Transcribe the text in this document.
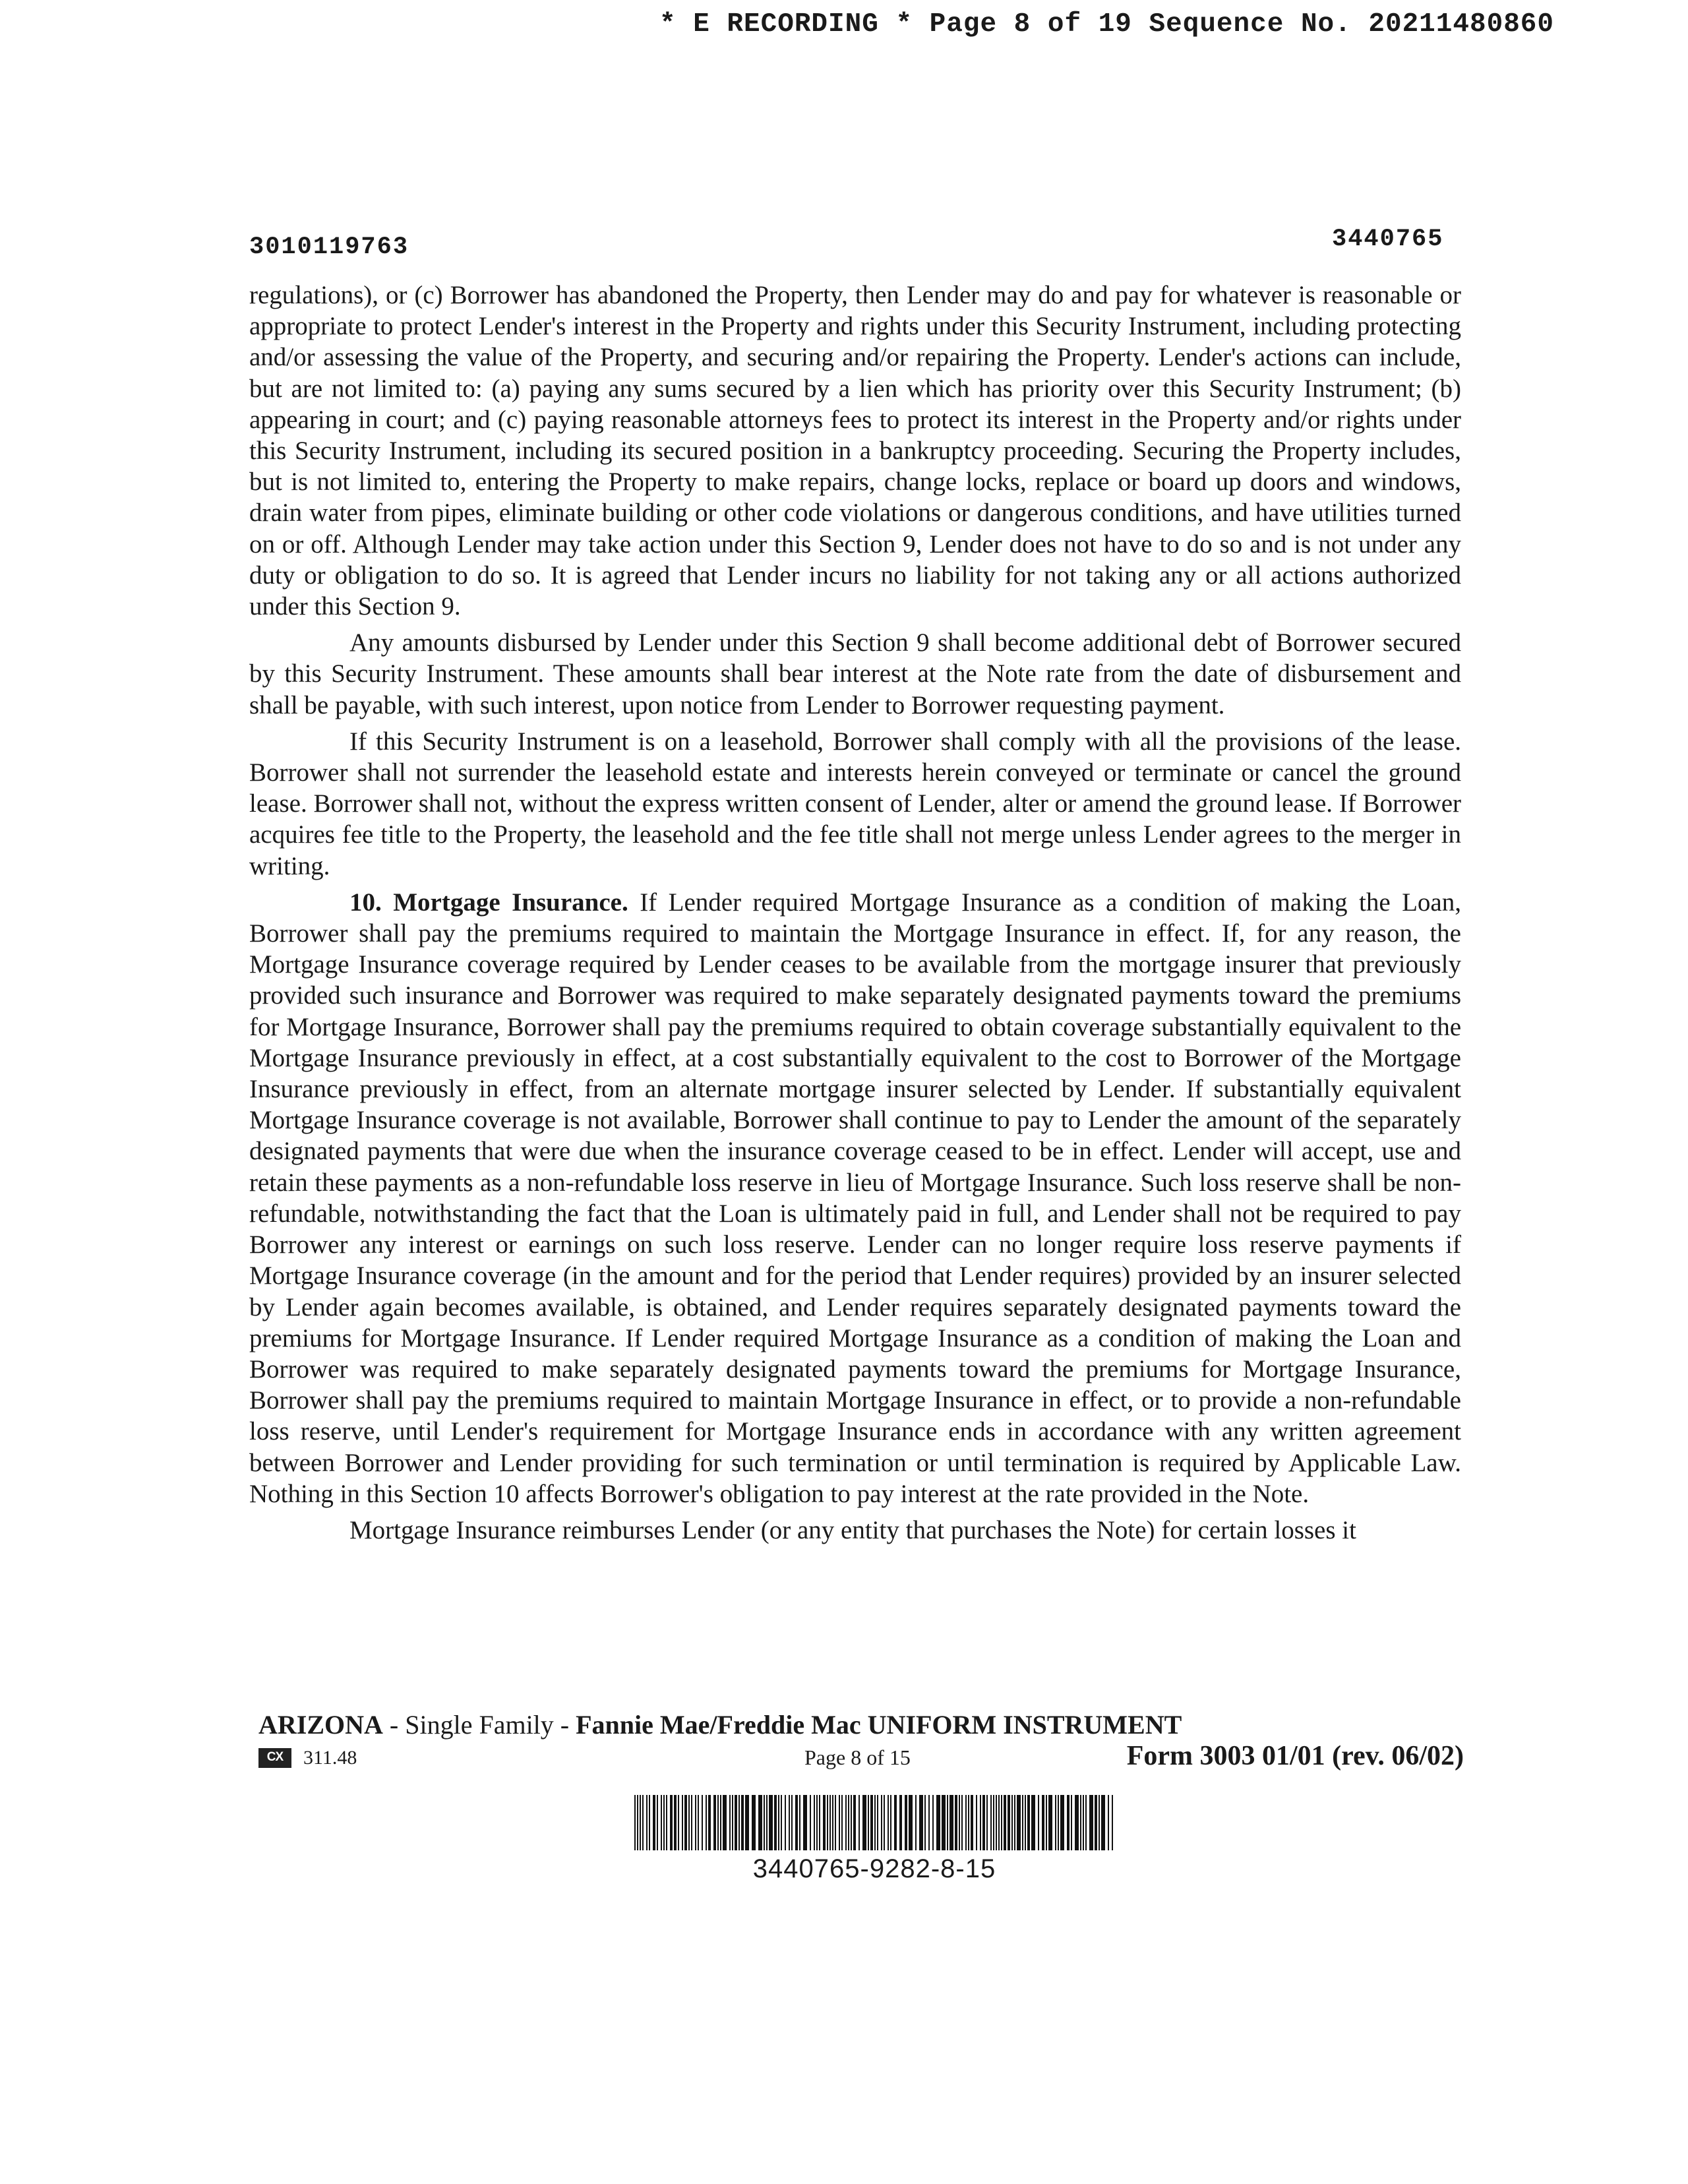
* E RECORDING * Page 8 of 19 Sequence No. 20211480860
3010119763	3440765

regulations), or (c) Borrower has abandoned the Property, then Lender may do and pay for whatever is reasonable or appropriate to protect Lender's interest in the Property and rights under this Security Instrument, including protecting and/or assessing the value of the Property, and securing and/or repairing the Property. Lender's actions can include, but are not limited to: (a) paying any sums secured by a lien which has priority over this Security Instrument; (b) appearing in court; and (c) paying reasonable attorneys fees to protect its interest in the Property and/or rights under this Security Instrument, including its secured position in a bankruptcy proceeding. Securing the Property includes, but is not limited to, entering the Property to make repairs, change locks, replace or board up doors and windows, drain water from pipes, eliminate building or other code violations or dangerous conditions, and have utilities turned on or off. Although Lender may take action under this Section 9, Lender does not have to do so and is not under any duty or obligation to do so. It is agreed that Lender incurs no liability for not taking any or all actions authorized under this Section 9.

Any amounts disbursed by Lender under this Section 9 shall become additional debt of Borrower secured by this Security Instrument. These amounts shall bear interest at the Note rate from the date of disbursement and shall be payable, with such interest, upon notice from Lender to Borrower requesting payment.

If this Security Instrument is on a leasehold, Borrower shall comply with all the provisions of the lease. Borrower shall not surrender the leasehold estate and interests herein conveyed or terminate or cancel the ground lease. Borrower shall not, without the express written consent of Lender, alter or amend the ground lease. If Borrower acquires fee title to the Property, the leasehold and the fee title shall not merge unless Lender agrees to the merger in writing.

10. Mortgage Insurance. If Lender required Mortgage Insurance as a condition of making the Loan, Borrower shall pay the premiums required to maintain the Mortgage Insurance in effect. If, for any reason, the Mortgage Insurance coverage required by Lender ceases to be available from the mortgage insurer that previously provided such insurance and Borrower was required to make separately designated payments toward the premiums for Mortgage Insurance, Borrower shall pay the premiums required to obtain coverage substantially equivalent to the Mortgage Insurance previously in effect, at a cost substantially equivalent to the cost to Borrower of the Mortgage Insurance previously in effect, from an alternate mortgage insurer selected by Lender. If substantially equivalent Mortgage Insurance coverage is not available, Borrower shall continue to pay to Lender the amount of the separately designated payments that were due when the insurance coverage ceased to be in effect. Lender will accept, use and retain these payments as a non-refundable loss reserve in lieu of Mortgage Insurance. Such loss reserve shall be non-refundable, notwithstanding the fact that the Loan is ultimately paid in full, and Lender shall not be required to pay Borrower any interest or earnings on such loss reserve. Lender can no longer require loss reserve payments if Mortgage Insurance coverage (in the amount and for the period that Lender requires) provided by an insurer selected by Lender again becomes available, is obtained, and Lender requires separately designated payments toward the premiums for Mortgage Insurance. If Lender required Mortgage Insurance as a condition of making the Loan and Borrower was required to make separately designated payments toward the premiums for Mortgage Insurance, Borrower shall pay the premiums required to maintain Mortgage Insurance in effect, or to provide a non-refundable loss reserve, until Lender's requirement for Mortgage Insurance ends in accordance with any written agreement between Borrower and Lender providing for such termination or until termination is required by Applicable Law. Nothing in this Section 10 affects Borrower's obligation to pay interest at the rate provided in the Note.

Mortgage Insurance reimburses Lender (or any entity that purchases the Note) for certain losses it

ARIZONA - Single Family - Fannie Mae/Freddie Mac UNIFORM INSTRUMENT
CX	311.48	Page 8 of 15	Form 3003 01/01 (rev. 06/02)
3440765-9282-8-15
